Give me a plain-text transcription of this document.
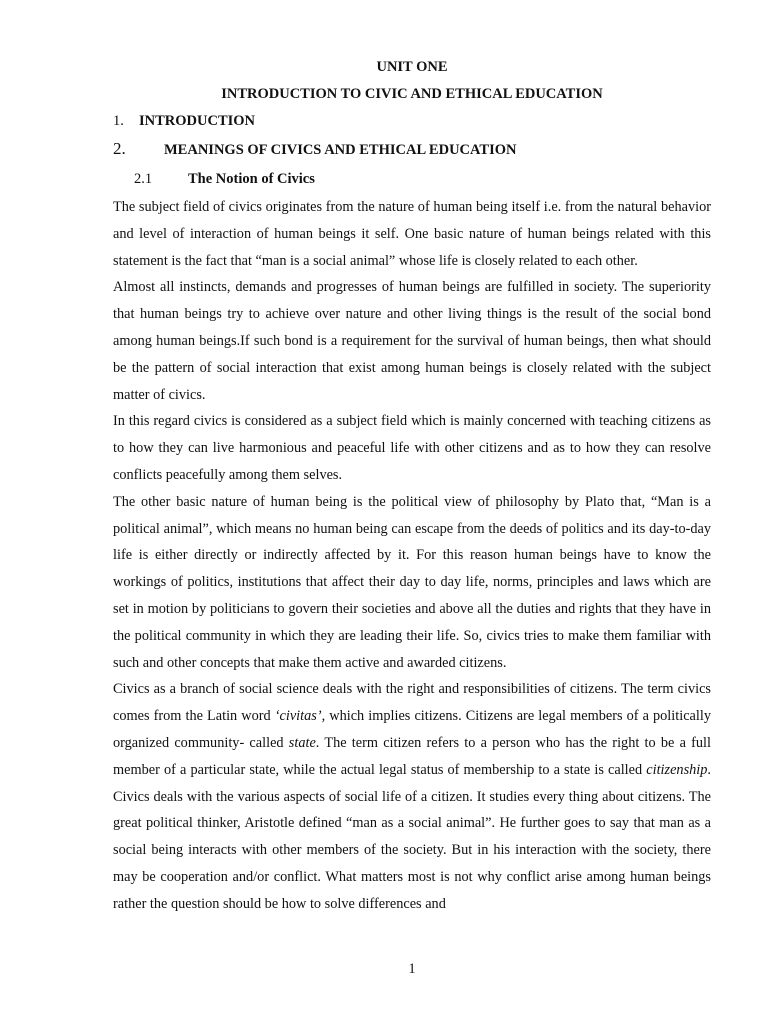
UNIT ONE
INTRODUCTION TO CIVIC AND ETHICAL EDUCATION
1. INTRODUCTION
2.	MEANINGS OF CIVICS AND ETHICAL EDUCATION
2.1 The Notion of Civics

The subject field of civics originates from the nature of human being itself i.e. from the natural behavior and level of interaction of human beings it self. One basic nature of human beings related with this statement is the fact that “man is a social animal” whose life is closely related to each other.

Almost all instincts, demands and progresses of human beings are fulfilled in society. The superiority that human beings try to achieve over nature and other living things is the result of the social bond among human beings.If such bond is a requirement for the survival of human beings, then what should be the pattern of social interaction that exist among human beings is closely related with the subject matter of civics.

In this regard civics is considered as a subject field which is mainly concerned with teaching citizens as to how they can live harmonious and peaceful life with other citizens and as to how they can resolve conflicts peacefully among them selves.

The other basic nature of human being is the political view of philosophy by Plato that, “Man is a political animal”, which means no human being can escape from the deeds of politics and its day-to-day life is either directly or indirectly affected by it. For this reason human beings have to know the workings of politics, institutions that affect their day to day life, norms, principles and laws which are set in motion by politicians to govern their societies and above all the duties and rights that they have in the political community in which they are leading their life. So, civics tries to make them familiar with such and other concepts that make them active and awarded citizens.

Civics as a branch of social science deals with the right and responsibilities of citizens. The term civics comes from the Latin word ‘civitas’, which implies citizens. Citizens are legal members of a politically organized community- called state. The term citizen refers to a person who has the right to be a full member of a particular state, while the actual legal status of membership to a state is called citizenship. Civics deals with the various aspects of social life of a citizen. It studies every thing about citizens. The great political thinker, Aristotle defined “man as a social animal”. He further goes to say that man as a social being interacts with other members of the society. But in his interaction with the society, there may be cooperation and/or conflict. What matters most is not why conflict arise among human beings rather the question should be how to solve differences and

1
